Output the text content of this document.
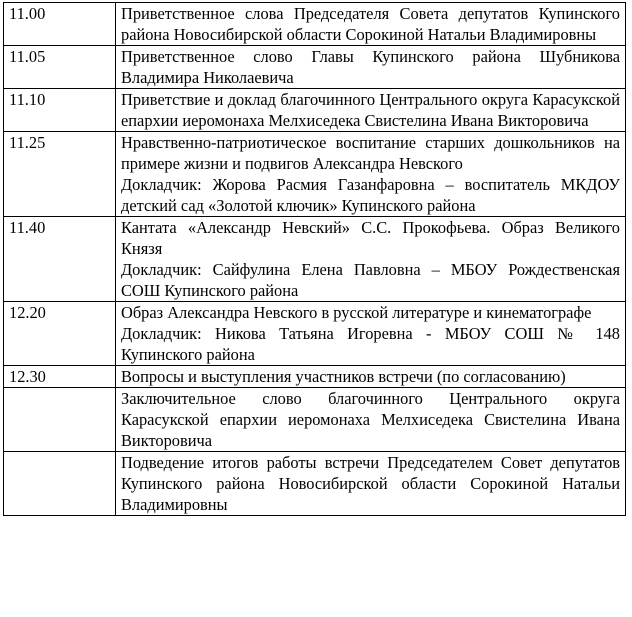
11.00	Приветственное слова Председателя Совета депутатов Купинского района Новосибирской области Сорокиной Натальи Владимировны

11.05	Приветственное слово Главы Купинского района Шубникова Владимира Николаевича

11.10	Приветствие и доклад благочинного Центрального округа Карасукской епархии иеромонаха Мелхиседека Свистелина Ивана Викторовича

11.25	Нравственно-патриотическое воспитание старших дошкольников на примере жизни и подвигов Александра Невского
Докладчик: Жорова Расмия Газанфаровна – воспитатель МКДОУ детский сад «Золотой ключик» Купинского района

11.40	Кантата «Александр Невский» С.С. Прокофьева. Образ Великого Князя
Докладчик: Сайфулина Елена Павловна – МБОУ Рождественская СОШ Купинского района

12.20	Образ Александра Невского в русской литературе и кинематографе
Докладчик: Никова Татьяна Игоревна - МБОУ СОШ № 148 Купинского района

12.30	Вопросы и выступления участников встречи (по согласованию)

	Заключительное слово благочинного Центрального округа Карасукской епархии иеромонаха Мелхиседека Свистелина Ивана Викторовича

	Подведение итогов работы встречи Председателем Совет депутатов Купинского района Новосибирской области Сорокиной Натальи Владимировны
